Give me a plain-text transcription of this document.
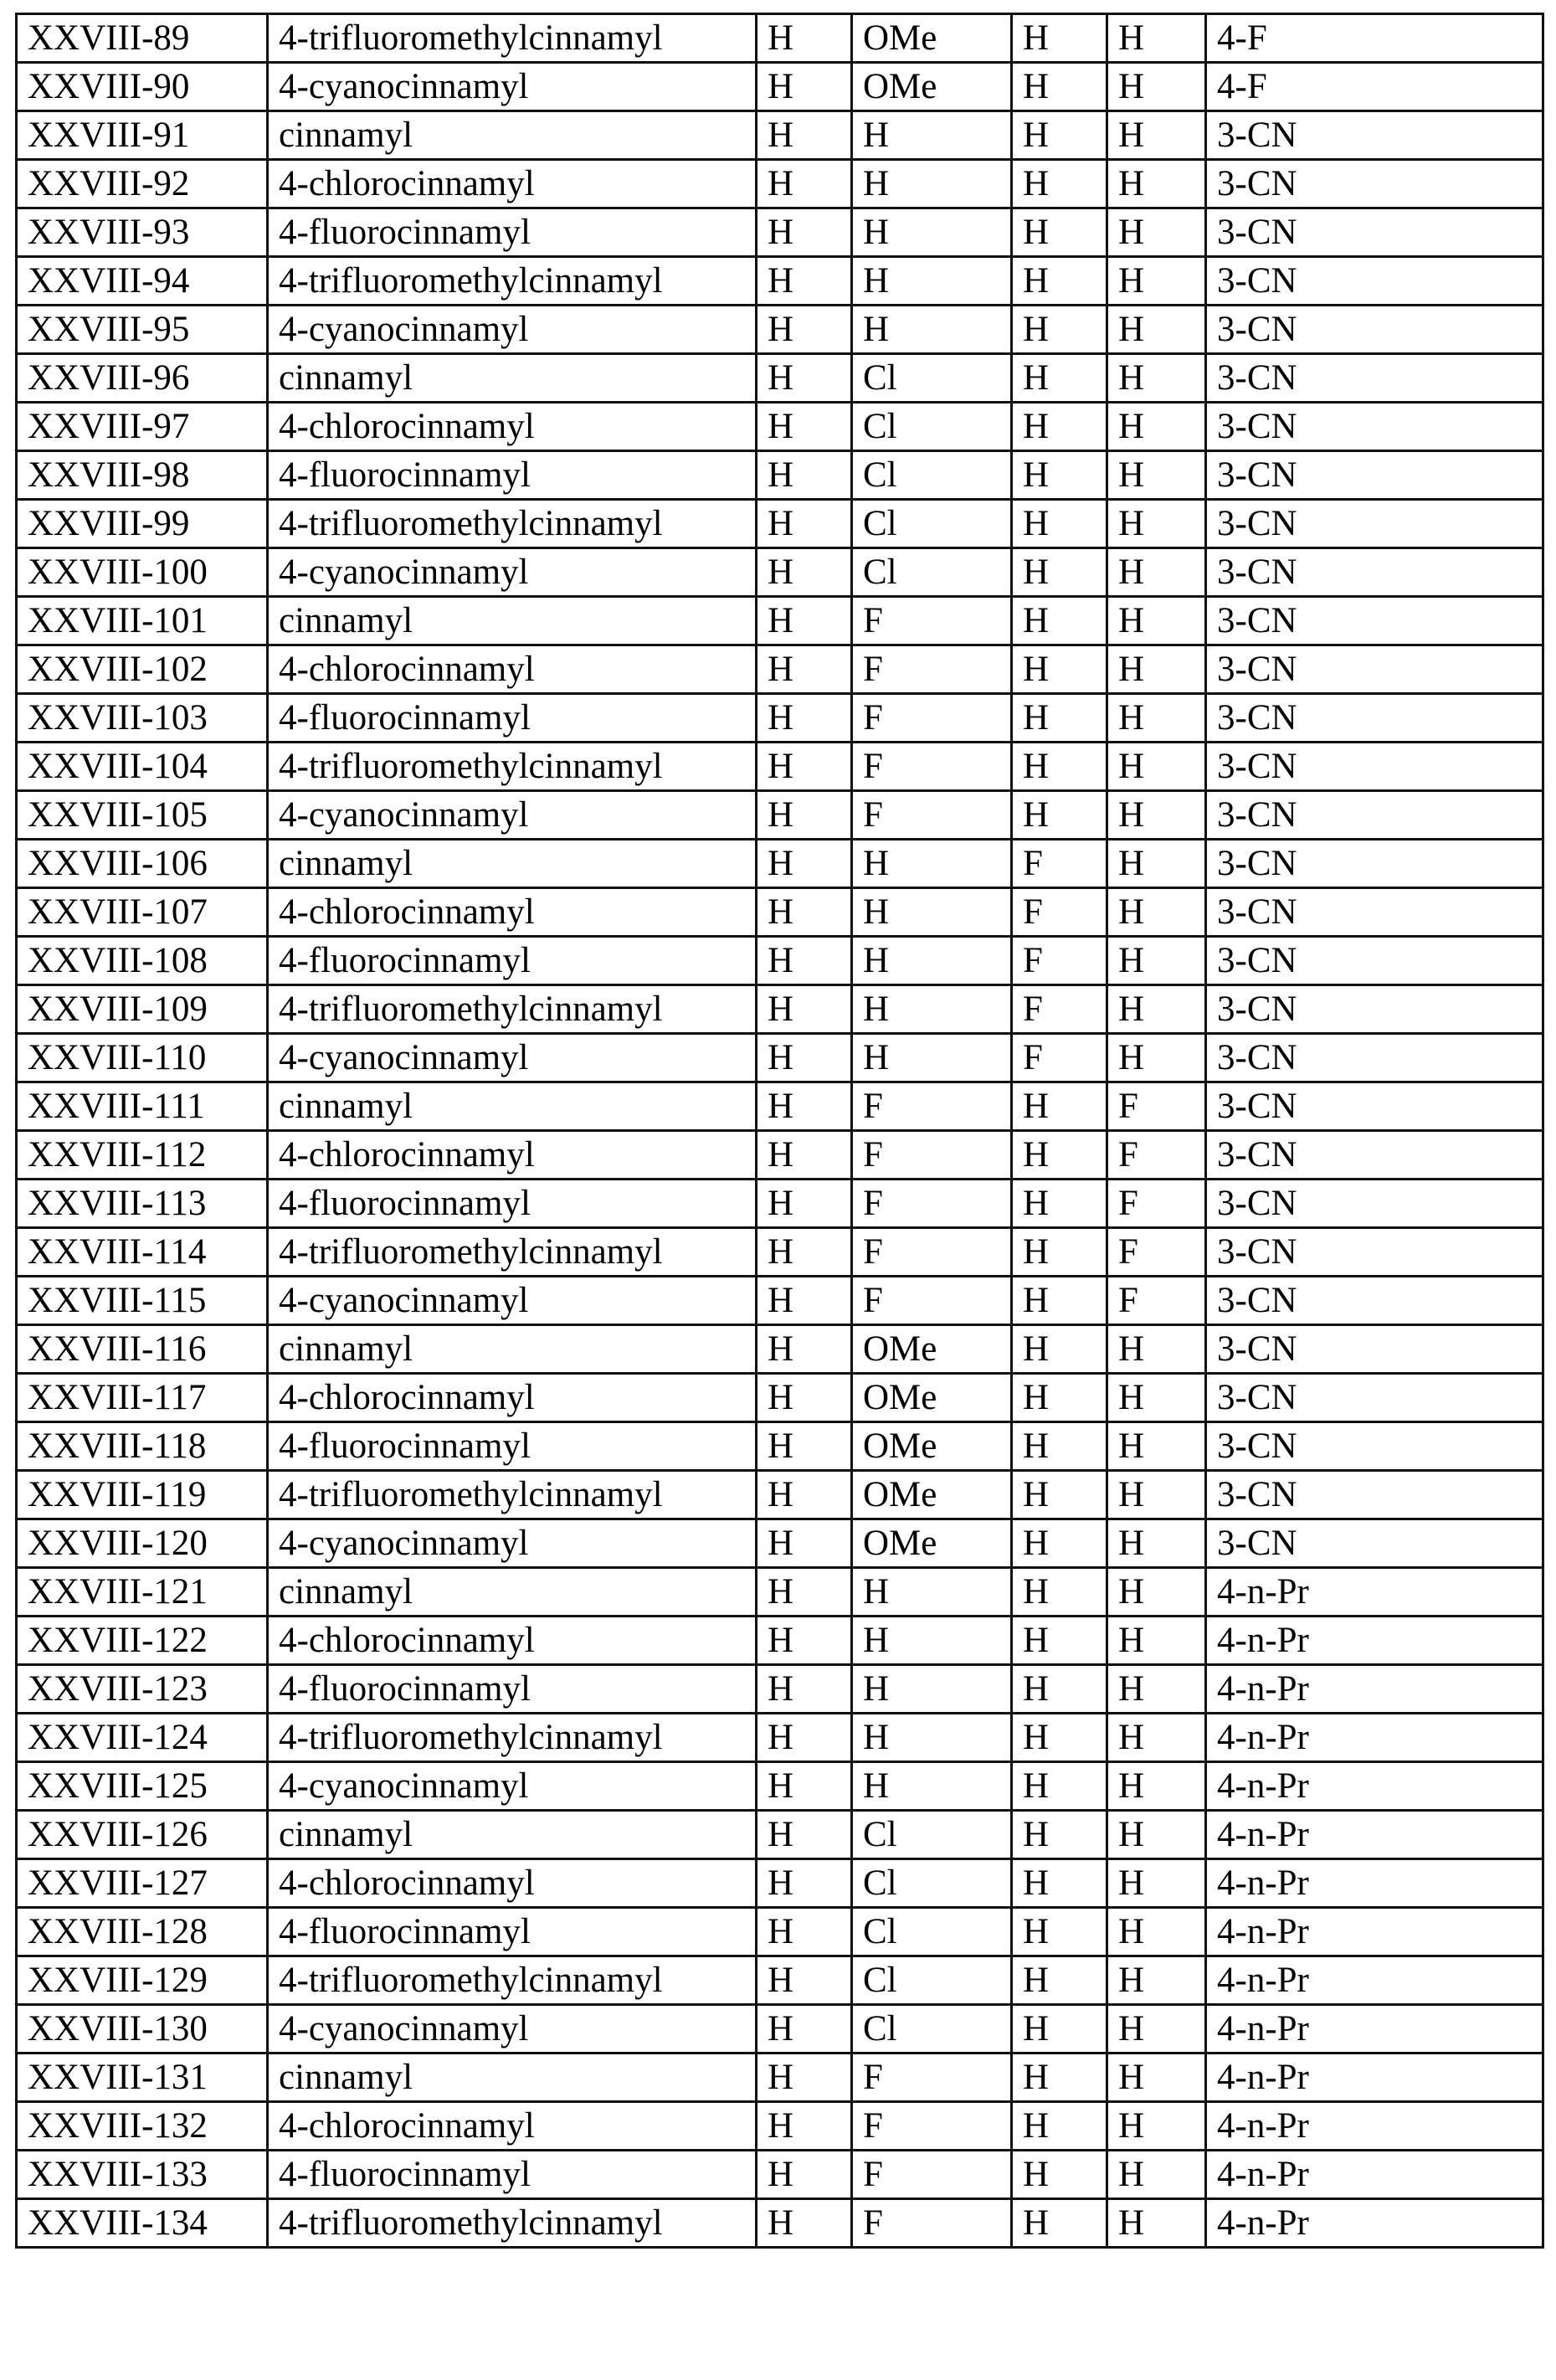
XXVIII-89	4-trifluoromethylcinnamyl	H	OMe	H	H	4-F
XXVIII-90	4-cyanocinnamyl	H	OMe	H	H	4-F
XXVIII-91	cinnamyl	H	H	H	H	3-CN
XXVIII-92	4-chlorocinnamyl	H	H	H	H	3-CN
XXVIII-93	4-fluorocinnamyl	H	H	H	H	3-CN
XXVIII-94	4-trifluoromethylcinnamyl	H	H	H	H	3-CN
XXVIII-95	4-cyanocinnamyl	H	H	H	H	3-CN
XXVIII-96	cinnamyl	H	Cl	H	H	3-CN
XXVIII-97	4-chlorocinnamyl	H	Cl	H	H	3-CN
XXVIII-98	4-fluorocinnamyl	H	Cl	H	H	3-CN
XXVIII-99	4-trifluoromethylcinnamyl	H	Cl	H	H	3-CN
XXVIII-100	4-cyanocinnamyl	H	Cl	H	H	3-CN
XXVIII-101	cinnamyl	H	F	H	H	3-CN
XXVIII-102	4-chlorocinnamyl	H	F	H	H	3-CN
XXVIII-103	4-fluorocinnamyl	H	F	H	H	3-CN
XXVIII-104	4-trifluoromethylcinnamyl	H	F	H	H	3-CN
XXVIII-105	4-cyanocinnamyl	H	F	H	H	3-CN
XXVIII-106	cinnamyl	H	H	F	H	3-CN
XXVIII-107	4-chlorocinnamyl	H	H	F	H	3-CN
XXVIII-108	4-fluorocinnamyl	H	H	F	H	3-CN
XXVIII-109	4-trifluoromethylcinnamyl	H	H	F	H	3-CN
XXVIII-110	4-cyanocinnamyl	H	H	F	H	3-CN
XXVIII-111	cinnamyl	H	F	H	F	3-CN
XXVIII-112	4-chlorocinnamyl	H	F	H	F	3-CN
XXVIII-113	4-fluorocinnamyl	H	F	H	F	3-CN
XXVIII-114	4-trifluoromethylcinnamyl	H	F	H	F	3-CN
XXVIII-115	4-cyanocinnamyl	H	F	H	F	3-CN
XXVIII-116	cinnamyl	H	OMe	H	H	3-CN
XXVIII-117	4-chlorocinnamyl	H	OMe	H	H	3-CN
XXVIII-118	4-fluorocinnamyl	H	OMe	H	H	3-CN
XXVIII-119	4-trifluoromethylcinnamyl	H	OMe	H	H	3-CN
XXVIII-120	4-cyanocinnamyl	H	OMe	H	H	3-CN
XXVIII-121	cinnamyl	H	H	H	H	4-n-Pr
XXVIII-122	4-chlorocinnamyl	H	H	H	H	4-n-Pr
XXVIII-123	4-fluorocinnamyl	H	H	H	H	4-n-Pr
XXVIII-124	4-trifluoromethylcinnamyl	H	H	H	H	4-n-Pr
XXVIII-125	4-cyanocinnamyl	H	H	H	H	4-n-Pr
XXVIII-126	cinnamyl	H	Cl	H	H	4-n-Pr
XXVIII-127	4-chlorocinnamyl	H	Cl	H	H	4-n-Pr
XXVIII-128	4-fluorocinnamyl	H	Cl	H	H	4-n-Pr
XXVIII-129	4-trifluoromethylcinnamyl	H	Cl	H	H	4-n-Pr
XXVIII-130	4-cyanocinnamyl	H	Cl	H	H	4-n-Pr
XXVIII-131	cinnamyl	H	F	H	H	4-n-Pr
XXVIII-132	4-chlorocinnamyl	H	F	H	H	4-n-Pr
XXVIII-133	4-fluorocinnamyl	H	F	H	H	4-n-Pr
XXVIII-134	4-trifluoromethylcinnamyl	H	F	H	H	4-n-Pr
